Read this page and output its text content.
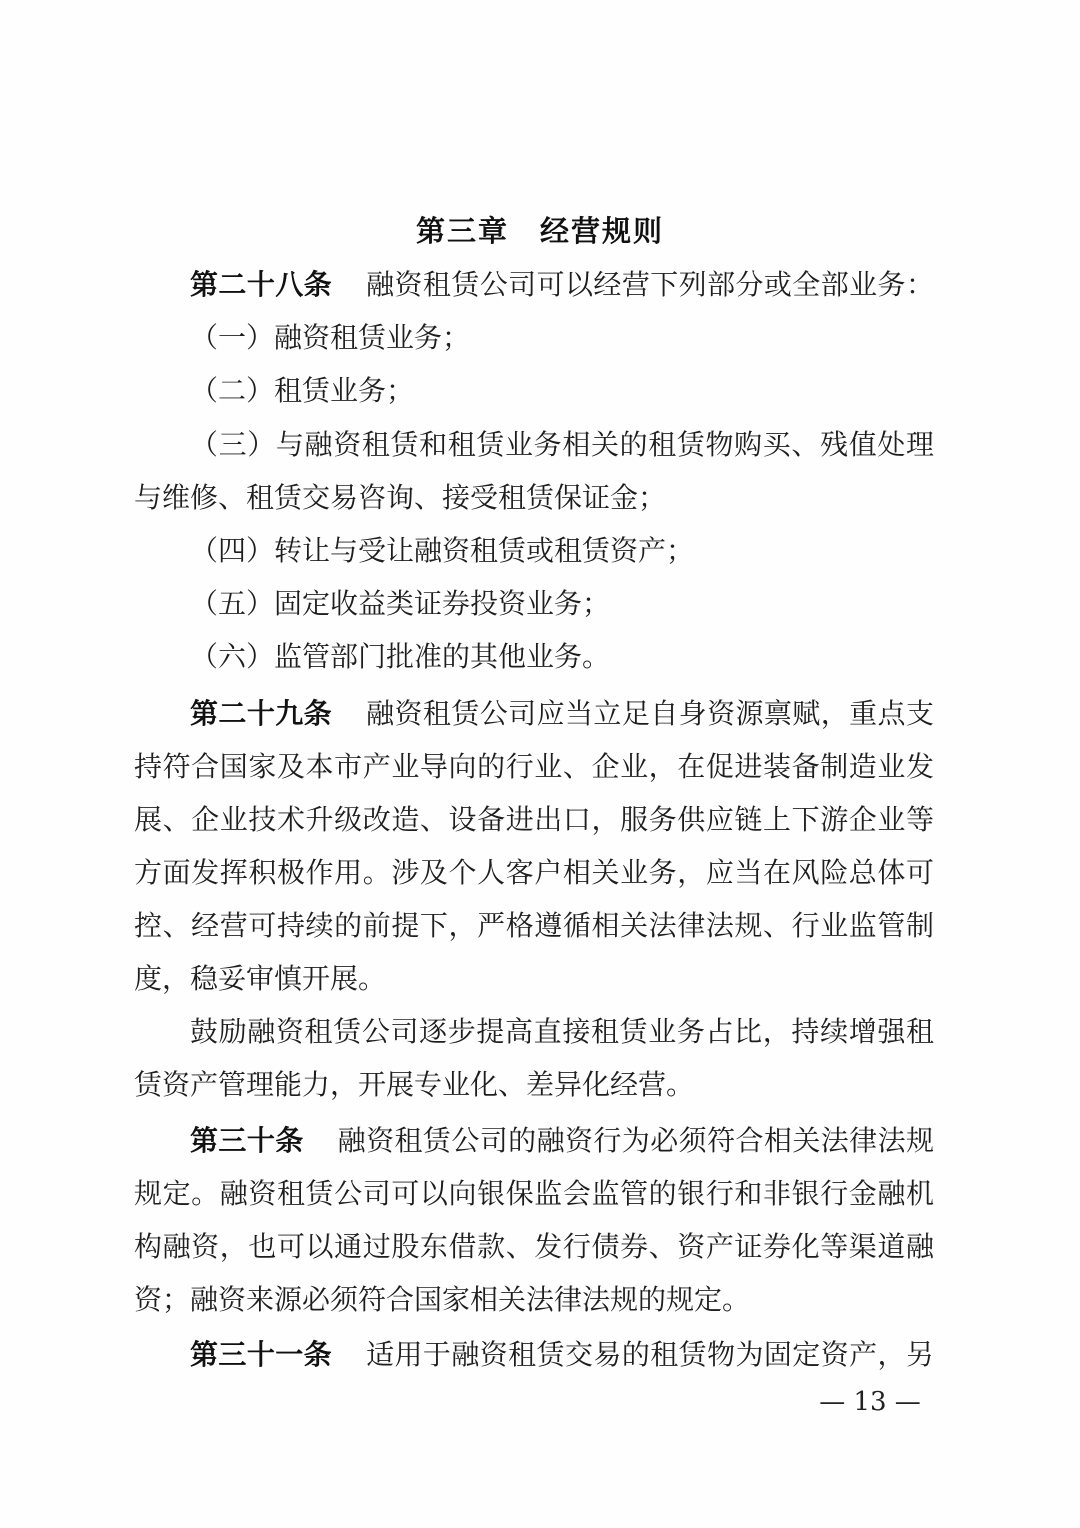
第三章　经营规则
第二十八条 融资租赁公司可以经营下列部分或全部业务：
（一）融资租赁业务；
（二）租赁业务；
（三）与融资租赁和租赁业务相关的租赁物购买、残值处理
与维修、租赁交易咨询、接受租赁保证金；
（四）转让与受让融资租赁或租赁资产；
（五）固定收益类证券投资业务；
（六）监管部门批准的其他业务。
第二十九条 融资租赁公司应当立足自身资源禀赋，重点支
持符合国家及本市产业导向的行业、企业，在促进装备制造业发
展、企业技术升级改造、设备进出口，服务供应链上下游企业等
方面发挥积极作用。涉及个人客户相关业务，应当在风险总体可
控、经营可持续的前提下，严格遵循相关法律法规、行业监管制
度，稳妥审慎开展。
鼓励融资租赁公司逐步提高直接租赁业务占比，持续增强租
赁资产管理能力，开展专业化、差异化经营。
第三十条 融资租赁公司的融资行为必须符合相关法律法规
规定。融资租赁公司可以向银保监会监管的银行和非银行金融机
构融资，也可以通过股东借款、发行债券、资产证券化等渠道融
资；融资来源必须符合国家相关法律法规的规定。
第三十一条 适用于融资租赁交易的租赁物为固定资产，另
— 13 —
